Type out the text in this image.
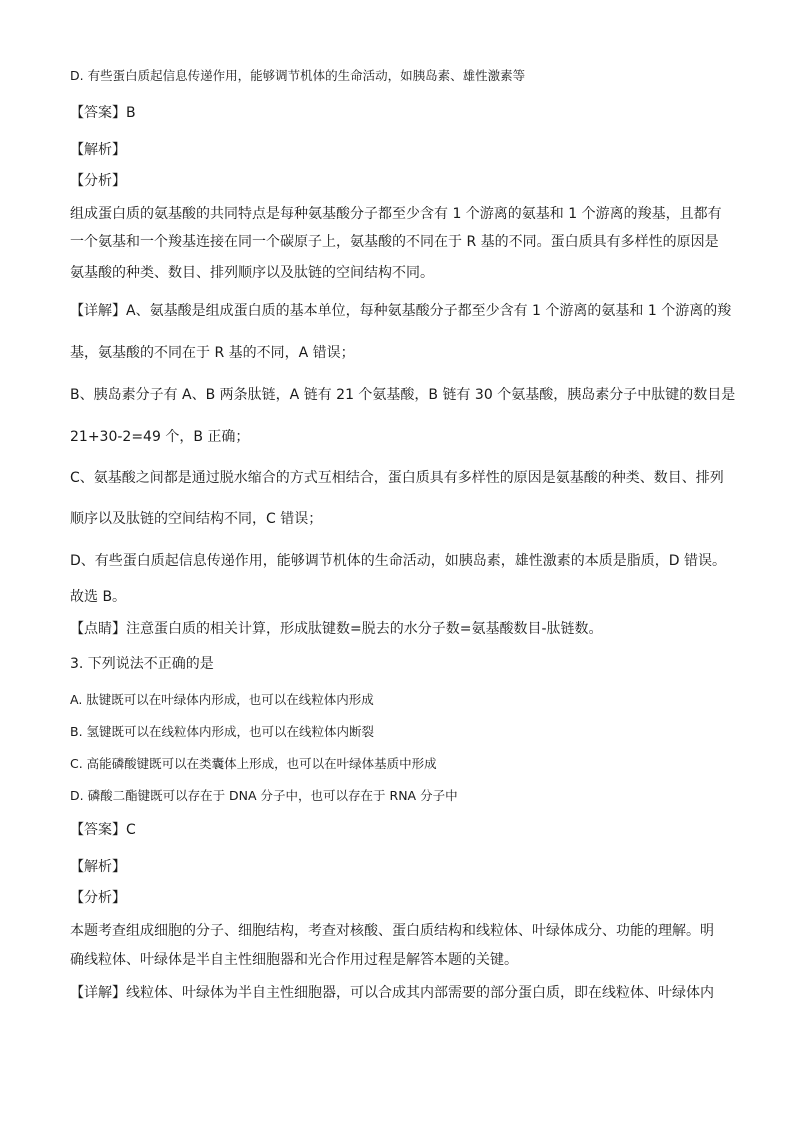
D. 有些蛋白质起信息传递作用，能够调节机体的生命活动，如胰岛素、雄性激素等
【答案】B
【解析】
【分析】
组成蛋白质的氨基酸的共同特点是每种氨基酸分子都至少含有 1 个游离的氨基和 1 个游离的羧基，且都有
一个氨基和一个羧基连接在同一个碳原子上，氨基酸的不同在于 R 基的不同。蛋白质具有多样性的原因是
氨基酸的种类、数目、排列顺序以及肽链的空间结构不同。
【详解】A、氨基酸是组成蛋白质的基本单位，每种氨基酸分子都至少含有 1 个游离的氨基和 1 个游离的羧
基，氨基酸的不同在于 R 基的不同，A 错误；
B、胰岛素分子有 A、B 两条肽链，A 链有 21 个氨基酸，B 链有 30 个氨基酸，胰岛素分子中肽键的数目是
21+30-2=49 个，B 正确；
C、氨基酸之间都是通过脱水缩合的方式互相结合，蛋白质具有多样性的原因是氨基酸的种类、数目、排列
顺序以及肽链的空间结构不同，C 错误；
D、有些蛋白质起信息传递作用，能够调节机体的生命活动，如胰岛素，雄性激素的本质是脂质，D 错误。
故选 B。
【点睛】注意蛋白质的相关计算，形成肽键数=脱去的水分子数=氨基酸数目-肽链数。
3. 下列说法不正确的是
A. 肽键既可以在叶绿体内形成，也可以在线粒体内形成
B. 氢键既可以在线粒体内形成，也可以在线粒体内断裂
C. 高能磷酸键既可以在类囊体上形成，也可以在叶绿体基质中形成
D. 磷酸二酯键既可以存在于 DNA 分子中，也可以存在于 RNA 分子中
【答案】C
【解析】
【分析】
本题考查组成细胞的分子、细胞结构，考查对核酸、蛋白质结构和线粒体、叶绿体成分、功能的理解。明
确线粒体、叶绿体是半自主性细胞器和光合作用过程是解答本题的关键。
【详解】线粒体、叶绿体为半自主性细胞器，可以合成其内部需要的部分蛋白质，即在线粒体、叶绿体内
